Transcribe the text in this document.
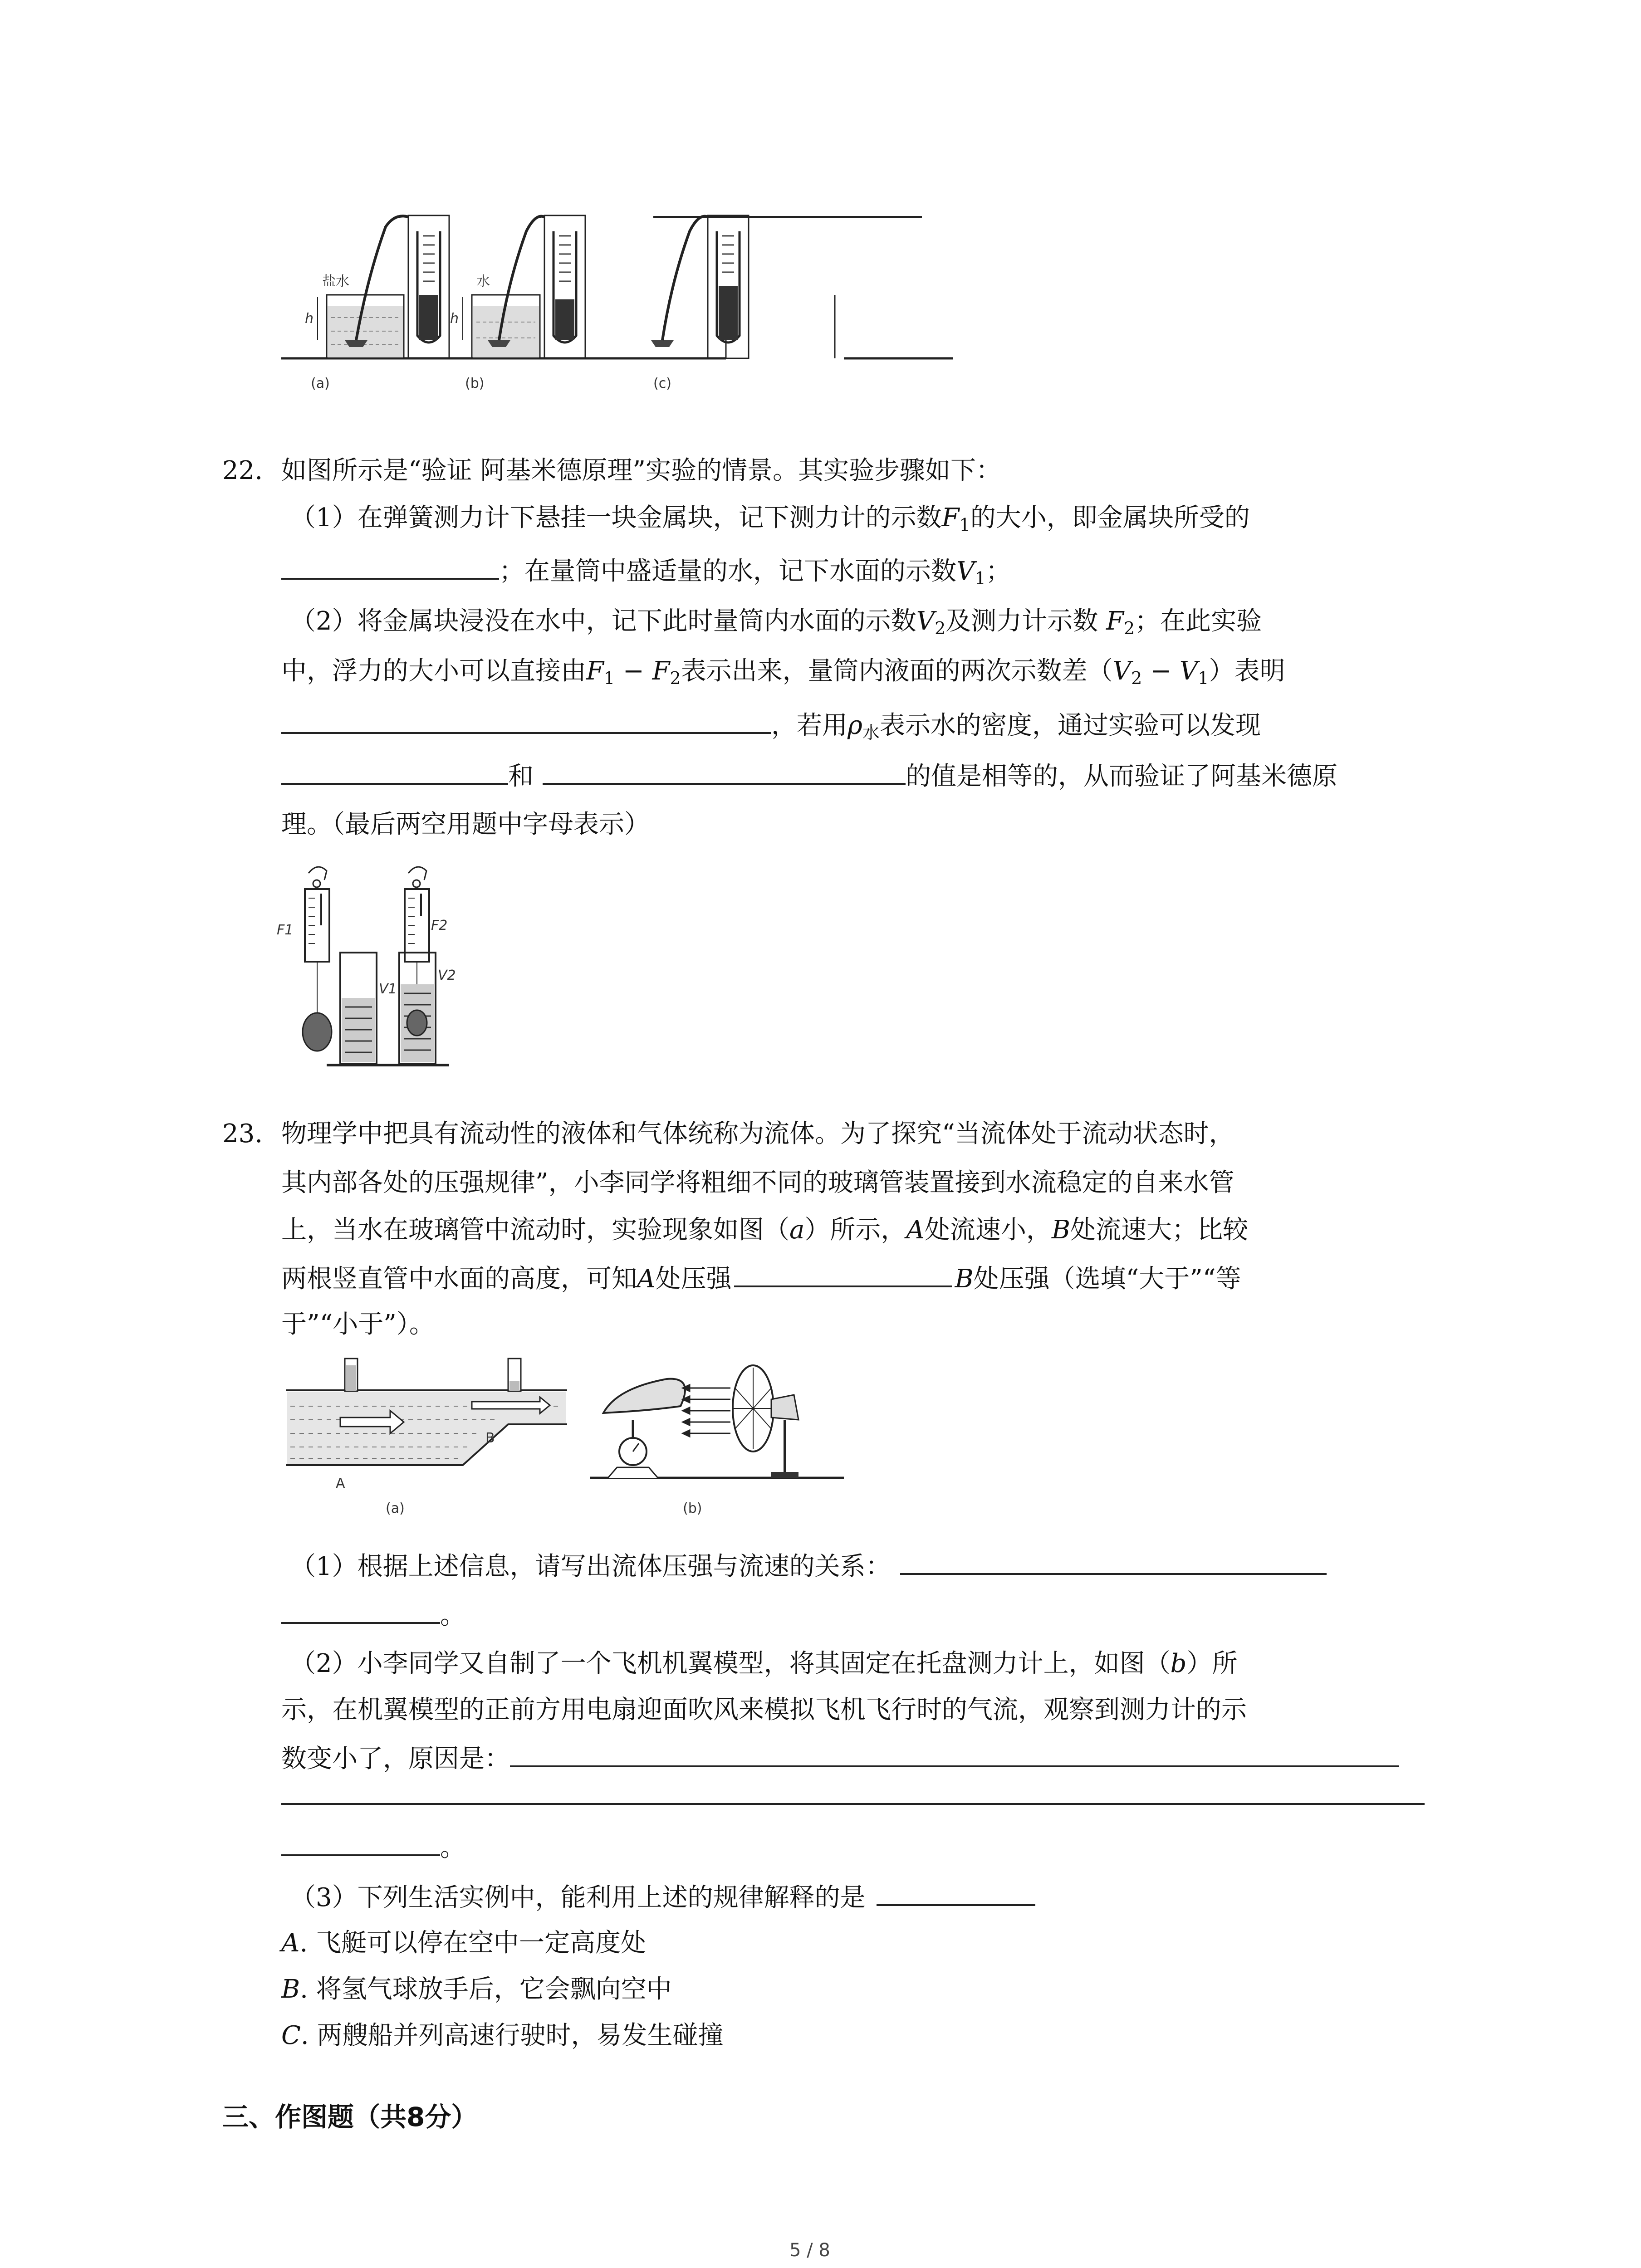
h
盐水
(a)
h
水
(b)	(c)
22. 如图所示是“验证 阿基米德原理”实验的情景。其实验步骤如下：
（1）在弹簧测力计下悬挂一块金属块，记下测力计的示数$F_1$的大小，即金属块所受的
；在量筒中盛适量的水，记下水面的示数$V_1$；
（2）将金属块浸没在水中，记下此时量筒内水面的示数$V_2$及测力计示数 $F_2$；在此实验
中，浮力的大小可以直接由$F_1 - F_2$表示出来，量筒内液面的两次示数差$(V_2 - V_1)$表明
，若用$\rho_水$表示水的密度，通过实验可以发现
和	的值是相等的，从而验证了阿基米德原
理。（最后两空用题中字母表示）
F1
V1
F2
V2
23. 物理学中把具有流动性的液体和气体统称为流体。为了探究“当流体处于流动状态时，
其内部各处的压强规律”，小李同学将粗细不同的玻璃管装置接到水流稳定的自来水管
上，当水在玻璃管中流动时，实验现象如图（a）所示，A处流速小，B处流速大；比较
两根竖直管中水面的高度，可知A处压强	B处压强（选填“大于”“等
于”“小于”）。
A
B
(a)	(b)
（1）根据上述信息，请写出流体压强与流速的关系：
。
（2）小李同学又自制了一个飞机机翼模型，将其固定在托盘测力计上，如图（b）所
示，在机翼模型的正前方用电扇迎面吹风来模拟飞机飞行时的气流，观察到测力计的示
数变小了，原因是：
。
（3）下列生活实例中，能利用上述的规律解释的是
A. 飞艇可以停在空中一定高度处
B. 将氢气球放手后，它会飘向空中
C. 两艘船并列高速行驶时，易发生碰撞
三、作图题（共8分）
5 / 8
